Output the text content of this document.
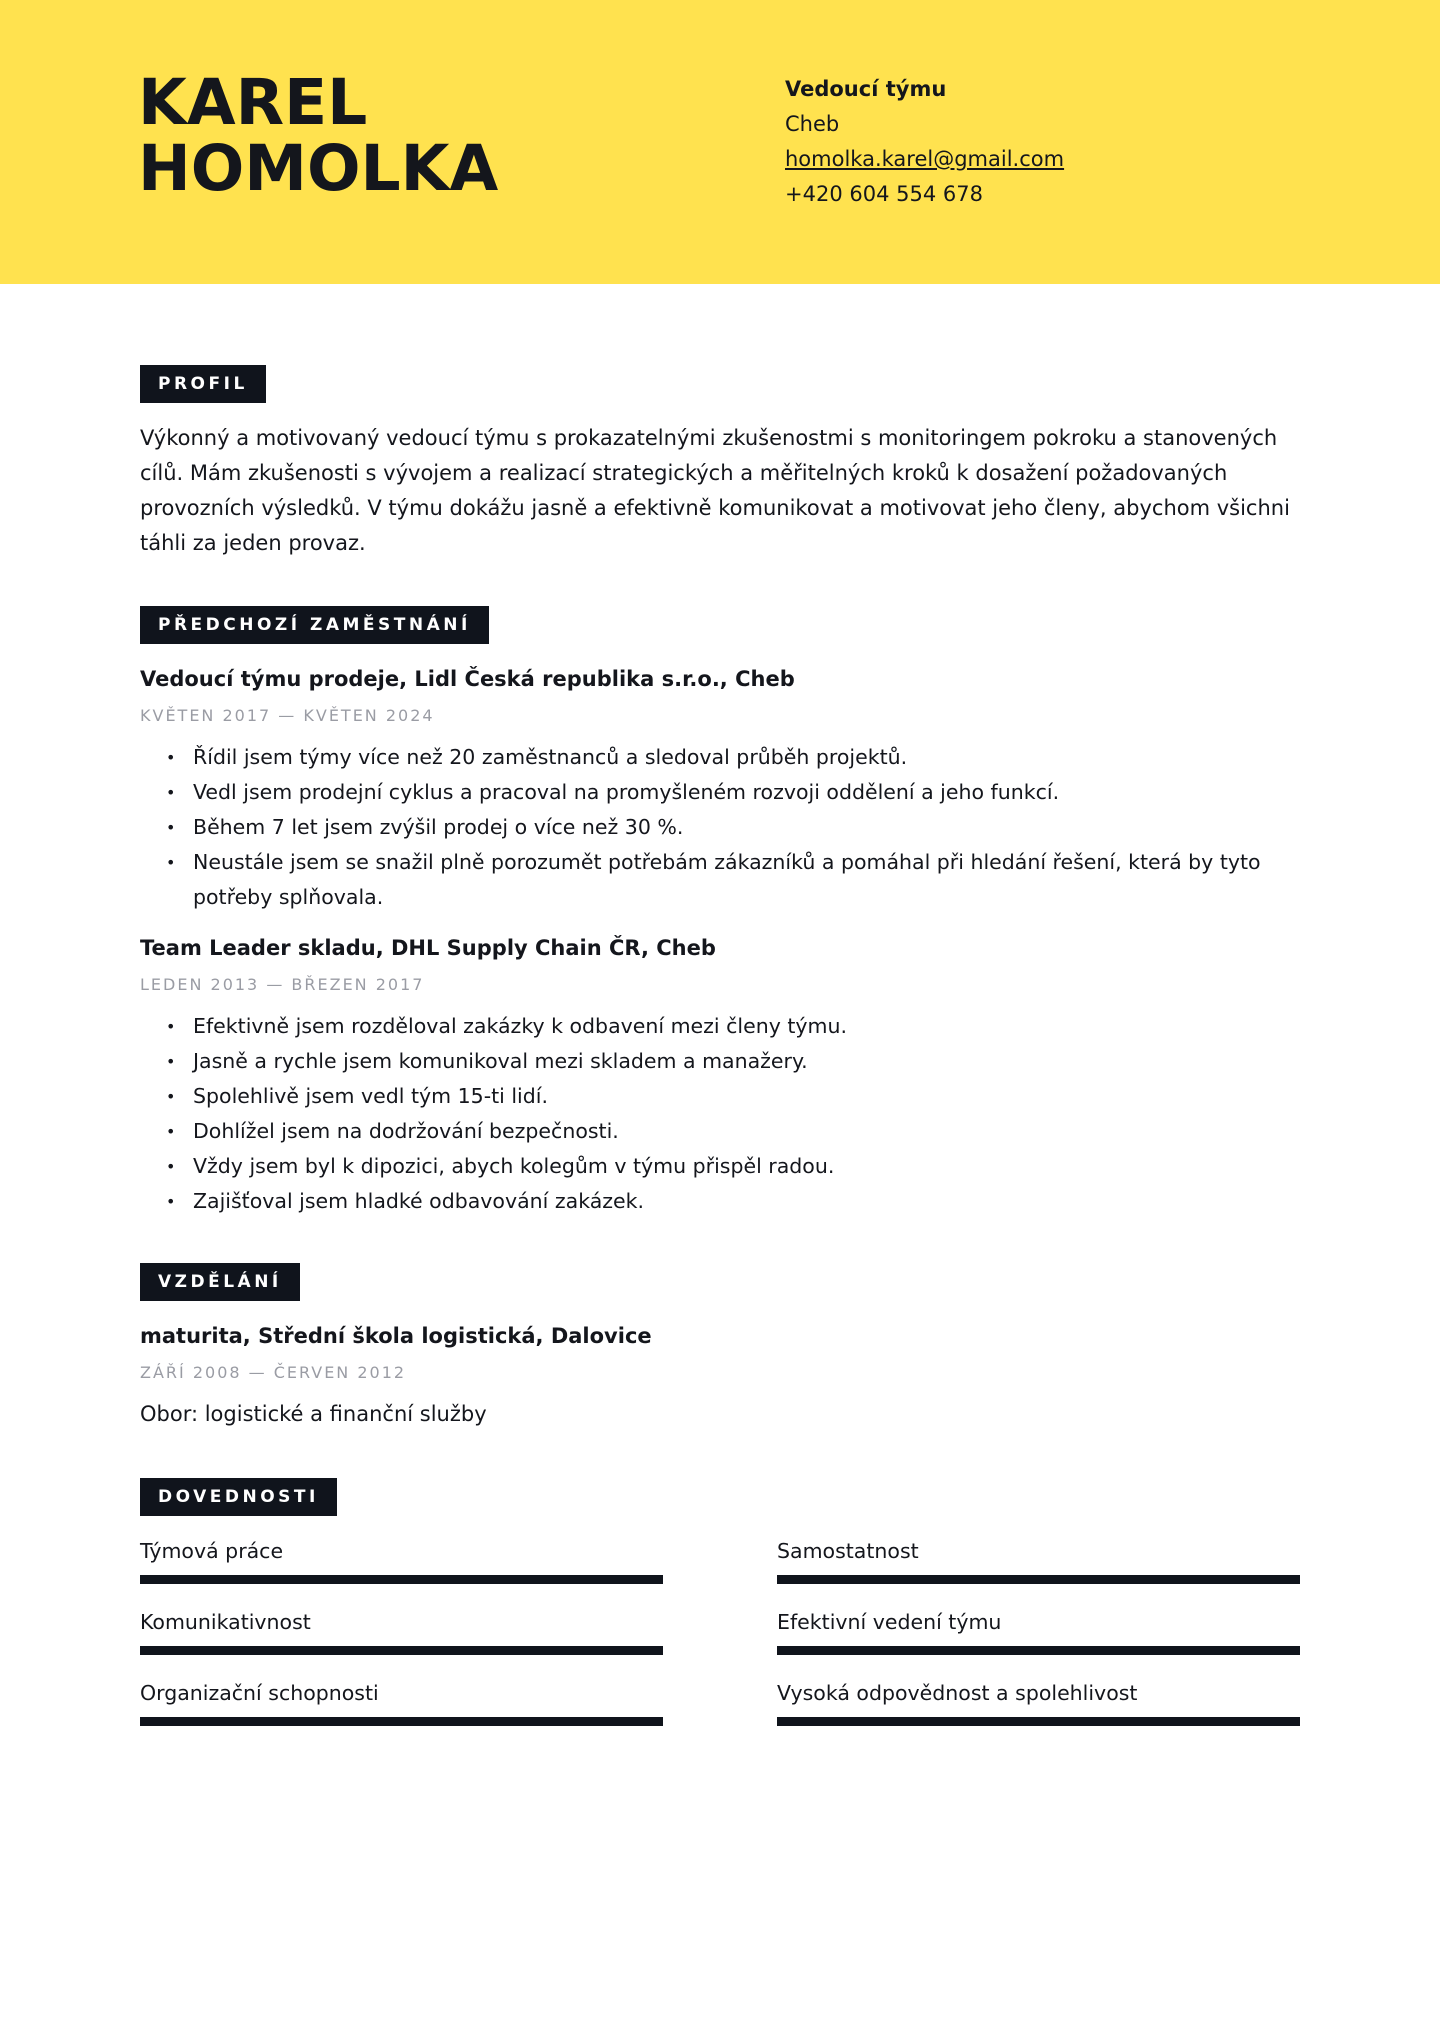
KAREL
HOMOLKA
Vedoucí týmu
Cheb
homolka.karel@gmail.com
+420 604 554 678
PROFIL
Výkonný a motivovaný vedoucí týmu s prokazatelnými zkušenostmi s monitoringem pokroku a stanovených cílů. Mám zkušenosti s vývojem a realizací strategických a měřitelných kroků k dosažení požadovaných provozních výsledků. V týmu dokážu jasně a efektivně komunikovat a motivovat jeho členy, abychom všichni táhli za jeden provaz.
PŘEDCHOZÍ ZAMĚSTNÁNÍ
Vedoucí týmu prodeje, Lidl Česká republika s.r.o., Cheb
KVĚTEN 2017 — KVĚTEN 2024
• Řídil jsem týmy více než 20 zaměstnanců a sledoval průběh projektů.
• Vedl jsem prodejní cyklus a pracoval na promyšleném rozvoji oddělení a jeho funkcí.
• Během 7 let jsem zvýšil prodej o více než 30 %.
• Neustále jsem se snažil plně porozumět potřebám zákazníků a pomáhal při hledání řešení, která by tyto potřeby splňovala.
Team Leader skladu, DHL Supply Chain ČR, Cheb
LEDEN 2013 — BŘEZEN 2017
• Efektivně jsem rozděloval zakázky k odbavení mezi členy týmu.
• Jasně a rychle jsem komunikoval mezi skladem a manažery.
• Spolehlivě jsem vedl tým 15-ti lidí.
• Dohlížel jsem na dodržování bezpečnosti.
• Vždy jsem byl k dipozici, abych kolegům v týmu přispěl radou.
• Zajišťoval jsem hladké odbavování zakázek.
VZDĚLÁNÍ
maturita, Střední škola logistická, Dalovice
ZÁŘÍ 2008 — ČERVEN 2012
Obor: logistické a finanční služby
DOVEDNOSTI
Týmová práce	Samostatnost
Komunikativnost	Efektivní vedení týmu
Organizační schopnosti	Vysoká odpovědnost a spolehlivost
